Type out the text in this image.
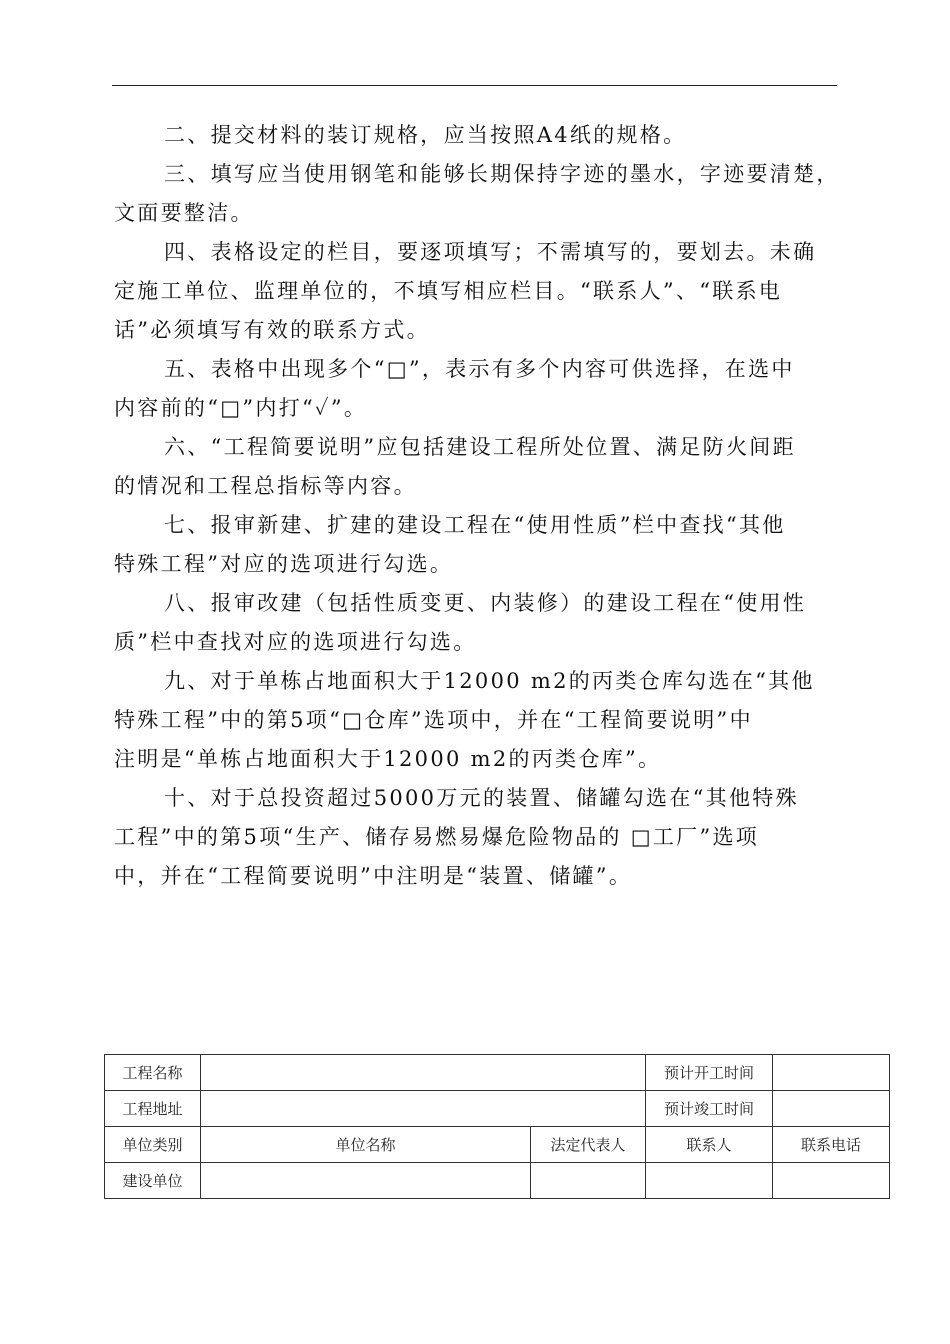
二、提交材料的装订规格，应当按照A4纸的规格。

三、填写应当使用钢笔和能够长期保持字迹的墨水，字迹要清楚，
文面要整洁。

四、表格设定的栏目，要逐项填写；不需填写的，要划去。未确
定施工单位、监理单位的，不填写相应栏目。“联系人”、“联系电
话”必须填写有效的联系方式。

五、表格中出现多个“□”，表示有多个内容可供选择，在选中
内容前的“□”内打“✓”。

六、“工程简要说明”应包括建设工程所处位置、满足防火间距
的情况和工程总指标等内容。

七、报审新建、扩建的建设工程在“使用性质”栏中查找“其他
特殊工程”对应的选项进行勾选。

八、报审改建（包括性质变更、内装修）的建设工程在“使用性
质”栏中查找对应的选项进行勾选。

九、对于单栋占地面积大于12000 m2的丙类仓库勾选在“其他
特殊工程”中的第5项“□仓库”选项中，并在“工程简要说明”中
注明是“单栋占地面积大于12000 m2的丙类仓库”。

十、对于总投资超过5000万元的装置、储罐勾选在“其他特殊
工程”中的第5项“生产、储存易燃易爆危险物品的 □工厂”选项
中，并在“工程简要说明”中注明是“装置、储罐”。

工程名称			预计开工时间	
工程地址			预计竣工时间	
单位类别	单位名称	法定代表人	联系人	联系电话
建设单位				
